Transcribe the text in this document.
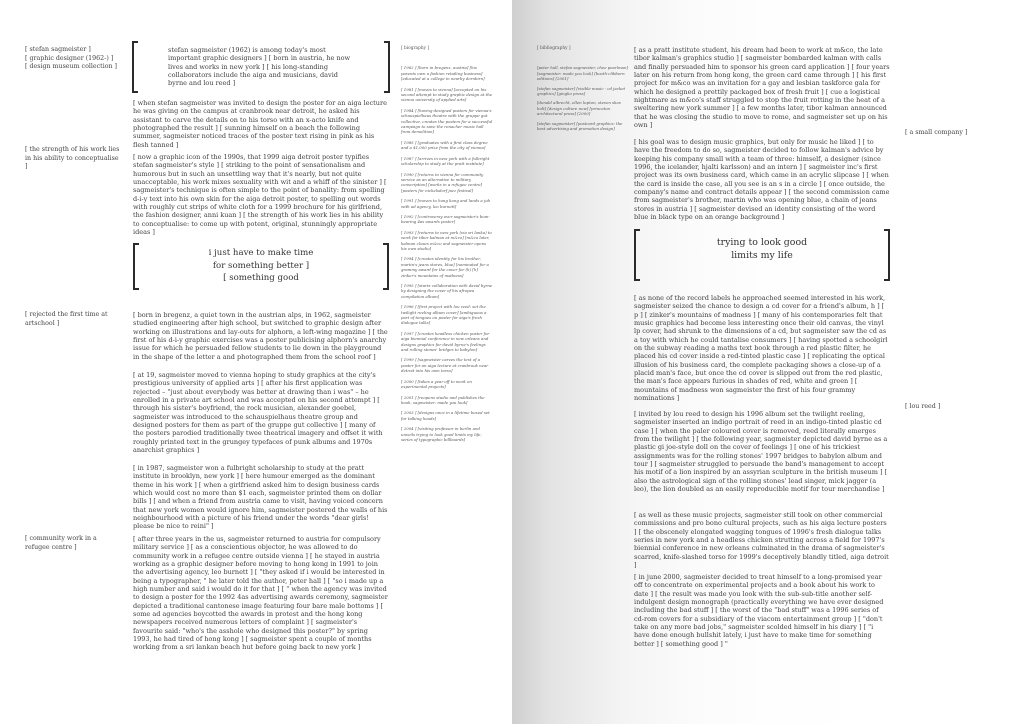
[ stefan sagmeister ]
[ graphic designer (1962-) ]
[ design museum collection ]

stefan sagmeister (1962) is among today's most important graphic designers ] [ born in austria, he now lives and works in new york ] [ his long-standing collaborators include the aiga and musicians, david byrne and lou reed ]

[ when stefan sagmeister was invited to design the poster for an aiga lecture he was giving on the campus at cranbrook near detroit, he asked his assistant to carve the details on to his torso with an x-acto knife and photographed the result ] [ sunning himself on a beach the following summer, sagmeister noticed traces of the poster text rising in pink as his flesh tanned ]

[ the strength of his work lies in his ability to conceptualise ]

[ now a graphic icon of the 1990s, that 1999 aiga detroit poster typifies stefan sagmeister's style ] [ striking to the point of sensationalism and humorous but in such an unsettling way that it's nearly, but not quite unacceptable, his work mixes sexuality with wit and a whiff of the sinister ] [ sagmeister's technique is often simple to the point of banality: from spelling d-i-y text into his own skin for the aiga detroit poster, to spelling out words with roughly cut strips of white cloth for a 1999 brochure for his girlfriend, the fashion designer, anni kuan ] [ the strength of his work lies in his ability to conceptualise: to come up with potent, original, stunningly appropriate ideas ]

i just have to make time
for something better ]
[ something good

[ rejected the first time at artschool ]

[ born in bregenz, a quiet town in the austrian alps, in 1962, sagmeister studied engineering after high school, but switched to graphic design after working on illustrations and lay-outs for alphorn, a left-wing magazine ] [ the first of his d-i-y graphic exercises was a poster publicising alphorn's anarchy issue for which he persuaded fellow students to lie down in the playground in the shape of the letter a and photographed them from the school roof ]

[ at 19, sagmeister moved to vienna hoping to study graphics at the city's prestigious university of applied arts ] [ after his first application was rejected – "just about everybody was better at drawing than i was" – he enrolled in a private art school and was accepted on his second attempt ] [ through his sister's boyfriend, the rock musician, alexander goebel, sagmeister was introduced to the schauspielhaus theatre group and designed posters for them as part of the gruppe gut collective ] [ many of the posters parodied traditionally twee theatrical imagery and offset it with roughly printed text in the grungey typefaces of punk albums and 1970s anarchist graphics ]

[ in 1987, sagmeister won a fulbright scholarship to study at the pratt institute in brooklyn, new york ] [ here humour emerged as the dominant theme in his work ] [ when a girlfriend asked him to design business cards which would cost no more than $1 each, sagmeister printed them on dollar bills ] [ and when a friend from austria came to visit, having voiced concern that new york women would ignore him, sagmeister postered the walls of his neighbourhood with a picture of his friend under the words "dear girls! please be nice to reini" ]

[ community work in a refugee centre ]

[ after three years in the us, sagmeister returned to austria for compulsory military service ] [ as a conscientious objector, he was allowed to do community work in a refugee centre outside vienna ] [ he stayed in austria working as a graphic designer before moving to hong kong in 1991 to join the advertising agency, leo burnett ] [ "they asked if i would be interested in being a typographer, " he later told the author, peter hall ] [ "so i made up a high number and said i would do it for that ] [ " when the agency was invited to design a poster for the 1992 4as advertising awards ceremony, sagmeister depicted a traditional cantonese image featuring four bare male bottoms ] [ some ad agencies boycotted the awards in protest and the hong kong newspapers received numerous letters of complaint ] [ sagmeister's favourite said: "who's the asshole who designed this poster?" by spring 1993, he had tired of hong kong ] [ sagmeister spent a couple of months working from a sri lankan beach hut before going back to new york ]

[ biography ]
[ 1962 ] [born in bregenz, austria] [his parents own a fashion retailing business] [educated at a college in nearby dornbirn]
[ 1981 ] [moves to vienna] [accepted on his second attempt to study graphic design at the vienna university of applied arts]
[ 1984 ] [having designed posters for vienna's schauspielhaus theatre with the gruppe gut collective, creates the posters for a successful campaign to save the ronacher music hall from demolition]
[ 1985 ] [graduates with a first class degree and a $1,000 prize from the city of vienna]
[ 1987 ] [arrives in new york with a fulbright scholarship to study at the pratt institute]
[ 1990 ] [returns to vienna for community service as an alternative to military conscription] [works in a refugee centre] [posters for nickelsdorf jazz festival]
[ 1991 ] [moves to hong kong and lands a job with ad agency, leo burnett]
[ 1992 ] [controversy over sagmeister's bum-bearing 4as awards poster]
[ 1993 ] [returns to new york (via sri lanka) to work for tibor kalman at m&co] [m&co later, kalman closes m&co and sagmeister opens his own studio]
[ 1994 ] [creates identity for his brother, martin's jeans stores, blue] [nominated for a grammy award for the cover for (h) [h] zinker's mountains of madness]
[ 1995 ] [starts collaboration with david byrne by designing the cover of his afropea compilation album]
[ 1996 ] [first project with lou reed: set the twilight reeling album cover] [ambiguous a part of tongues on poster for aiga's fresh dialogue talks]
[ 1997 ] [creates headless chicken poster for aiga biennial conference in new orleans and designs graphics for david byrne's feelings and rolling stones' bridges to babylon]
[ 1999 ] [sagmeister carves the text of a poster for an aiga lecture at cranbrook near detroit into his own torso]
[ 2000 ] [takes a year off to work on experimental projects]
[ 2001 ] [reopens studio and publishes the book, sagmeister: made you look]
[ 2003 ] [designs once in a lifetime boxed set for talking heads]
[ 2004 ] [visiting professor in berlin and unveils trying to look good limits my life, series of typographic billboards]
[ bibliography ]
[peter hall, stefan sagmeister, chee pearlman] [sagmeister: made you look] [booth-clibborn editions] [2001]
[stefan sagmeister] [visible music - cd jacket graphics] [gingko press]
[donald albrecht, ellen lupton, steven skov holt] [design culture now] [princeton architectural press] [2000]
[stefan sagmeister] [postcard graphics: the best advertising and promotion design]

[ as a pratt institute student, his dream had been to work at m&co, the late tibor kalman's graphics studio ] [ sagmeister bombarded kalman with calls and finally persuaded him to sponsor his green card application ] [ four years later on his return from hong kong, the green card came through ] [ his first project for m&co was an invitation for a gay and lesbian taskforce gala for which he designed a prettily packaged box of fresh fruit ] [ cue a logistical nightmare as m&co's staff struggled to stop the fruit rotting in the heat of a sweltering new york summer ] [ a few months later, tibor kalman announced that he was closing the studio to move to rome, and sagmeister set up on his own ]

[ a small company ]

[ his goal was to design music graphics, but only for music he liked ] [ to have the freedom to do so, sagmeister decided to follow kalman's advice by keeping his company small with a team of three: himself, a designer (since 1996, the icelander, hjalti karlsson) and an intern ] [ sagmeister inc's first project was its own business card, which came in an acrylic slipcase ] [ when the card is inside the case, all you see is an s in a circle ] [ once outside, the company's name and contract details appear ] [ the second commission came from sagmeister's brother, martin who was opening blue, a chain of jeans stores in austria ] [ sagmeister devised an identity consisting of the word blue in black type on an orange background ]

trying to look good
limits my life

[ as none of the record labels he approached seemed interested in his work, sagmeister seized the chance to design a cd cover for a friend's album, h ] [ p ] [ zinker's mountains of madness ] [ many of his contemporaries felt that music graphics had become less interesting once their old canvas, the vinyl lp cover, had shrunk to the dimensions of a cd, but sagmeister saw the cd as a toy with which he could tantalise consumers ] [ having spotted a schoolgirl on the subway reading a maths text book through a red plastic filter, he placed his cd cover inside a red-tinted plastic case ] [ replicating the optical illusion of his business card, the complete packaging shows a close-up of a placid man's face, but once the cd cover is slipped out from the red plastic, the man's face appears furious in shades of red, white and green ] [ mountains of madness won sagmeister the first of his four grammy nominations ]

[ lou reed ]

[ invited by lou reed to design his 1996 album set the twilight reeling, sagmeister inserted an indigo portrait of reed in an indigo-tinted plastic cd case ] [ when the paler coloured cover is removed, reed literally emerges from the twilight ] [ the following year, sagmeister depicted david byrne as a plastic gi joe-style doll on the cover of feelings ] [ one of his trickiest assignments was for the rolling stones' 1997 bridges to babylon album and tour ] [ sagmeister struggled to persuade the band's management to accept his motif of a lion inspired by an assyrian sculpture in the british museum ] [ also the astrological sign of the rolling stones' lead singer, mick jagger (a leo), the lion doubled as an easily reproducible motif for tour merchandise ]

[ as well as these music projects, sagmeister still took on other commercial commissions and pro bono cultural projects, such as his aiga lecture posters ] [ the obscenely elongated wagging tongues of 1996's fresh dialogue talks series in new york and a headless chicken strutting across a field for 1997's biennial conference in new orleans culminated in the drama of sagmeister's scarred, knife-slashed torso for 1999's deceptively blandly titled, aiga detroit ]

[ in june 2000, sagmeister decided to treat himself to a long-promised year off to concentrate on experimental projects and a book about his work to date ] [ the result was made you look with the sub-sub-title another self-indulgent design monograph (practically everything we have ever designed including the bad stuff ] [ the worst of the "bad stuff" was a 1996 series of cd-rom covers for a subsidiary of the viacom entertainment group ] [ "don't take on any more bad jobs," sagmeister scolded himself in his diary ] [ "i have done enough bullshit lately, i just have to make time for something better ] [ something good ] "
